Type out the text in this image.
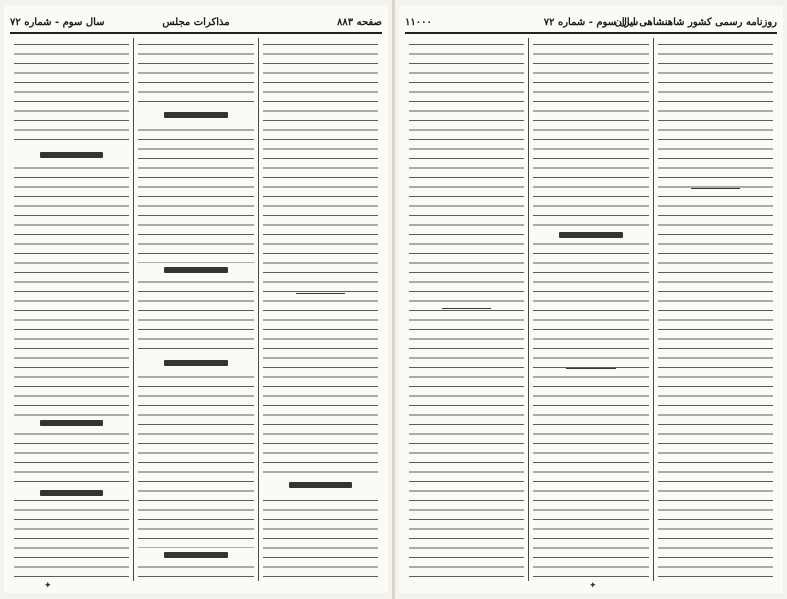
صفحه ۸۸۳
مذاکرات مجلس
سال سوم - شماره ۷۲
✦
روزنامه رسمی کشور شاهنشاهی ایران
سال سوم - شماره ۷۲
۱۱۰۰۰
✦
